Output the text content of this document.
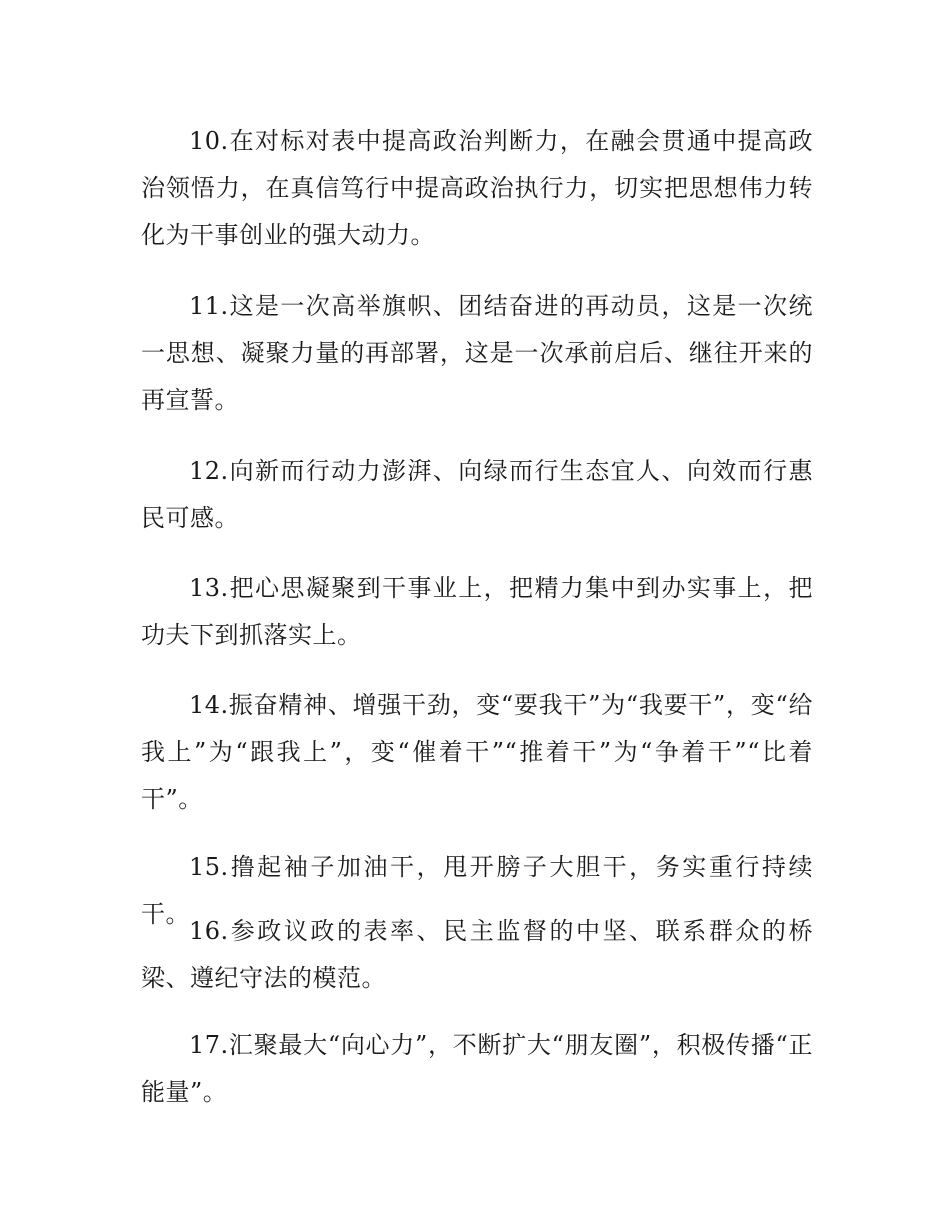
10.在对标对表中提高政治判断力，在融会贯通中提高政治领悟力，在真信笃行中提高政治执行力，切实把思想伟力转化为干事创业的强大动力。

11.这是一次高举旗帜、团结奋进的再动员，这是一次统一思想、凝聚力量的再部署，这是一次承前启后、继往开来的再宣誓。

12.向新而行动力澎湃、向绿而行生态宜人、向效而行惠民可感。

13.把心思凝聚到干事业上，把精力集中到办实事上，把功夫下到抓落实上。

14.振奋精神、增强干劲，变“要我干”为“我要干”，变“给我上”为“跟我上”，变“催着干”“推着干”为“争着干”“比着干”。

15.撸起袖子加油干，甩开膀子大胆干，务实重行持续干。

16.参政议政的表率、民主监督的中坚、联系群众的桥梁、遵纪守法的模范。

17.汇聚最大“向心力”，不断扩大“朋友圈”，积极传播“正能量”。
